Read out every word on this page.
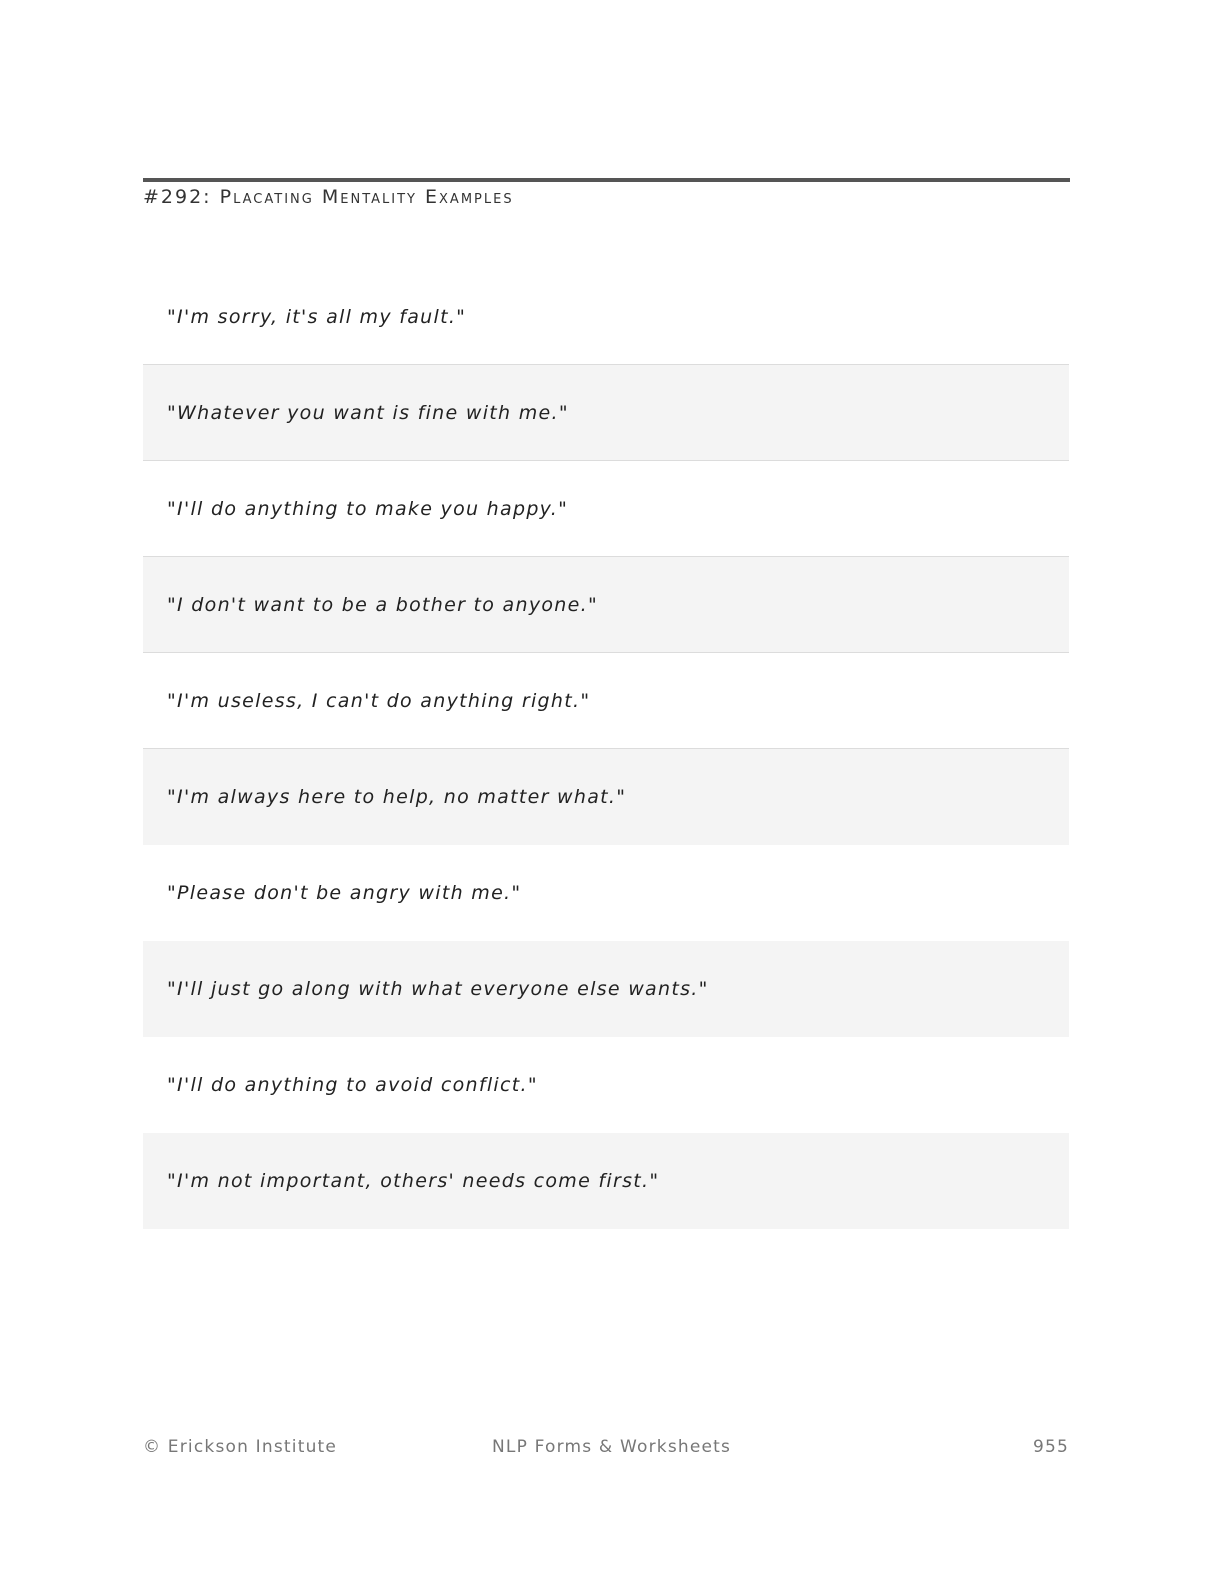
#292: Placating Mentality Examples
"I'm sorry, it's all my fault."
"Whatever you want is fine with me."
"I'll do anything to make you happy."
"I don't want to be a bother to anyone."
"I'm useless, I can't do anything right."
"I'm always here to help, no matter what."
"Please don't be angry with me."
"I'll just go along with what everyone else wants."
"I'll do anything to avoid conflict."
"I'm not important, others' needs come first."
© Erickson Institute	NLP Forms & Worksheets	955
